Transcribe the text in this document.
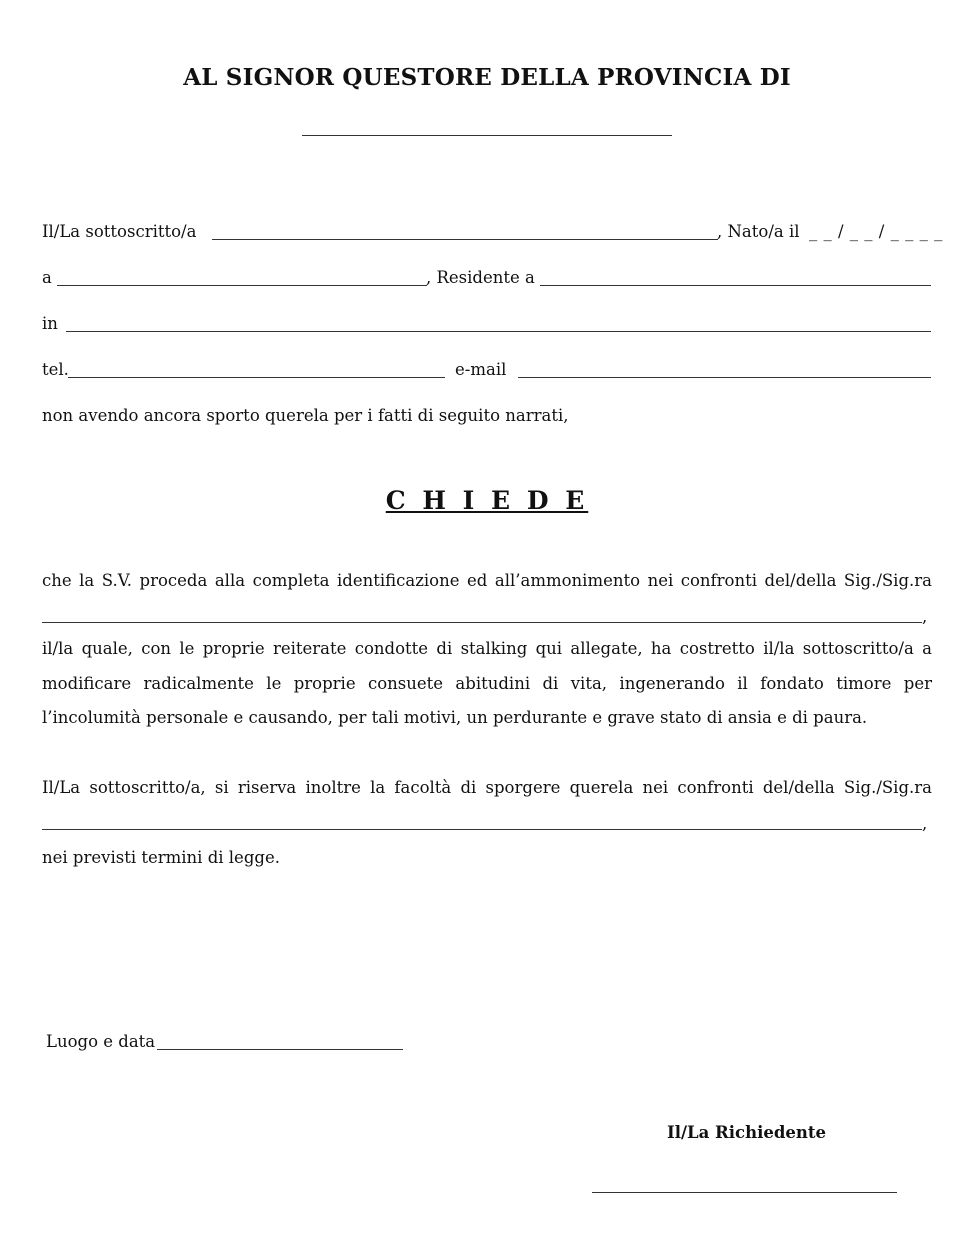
AL SIGNOR QUESTORE DELLA PROVINCIA DI
Il/La sottoscritto/a	, Nato/a il _ _ / _ _ / _ _ _ _
a	, Residente a
in
tel.	e-mail
non avendo ancora sporto querela per i fatti di seguito narrati,
C H I E D E
che la S.V. proceda alla completa identificazione ed all’ammonimento nei confronti del/della Sig./Sig.ra
,
il/la quale, con le proprie reiterate condotte di stalking qui allegate, ha costretto il/la sottoscritto/a a modificare radicalmente le proprie consuete abitudini di vita, ingenerando il fondato timore per l’incolumità personale e causando, per tali motivi, un perdurante e grave stato di ansia e di paura.
Il/La sottoscritto/a, si riserva inoltre la facoltà di sporgere querela nei confronti del/della Sig./Sig.ra
,
nei previsti termini di legge.
Luogo e data
Il/La Richiedente
